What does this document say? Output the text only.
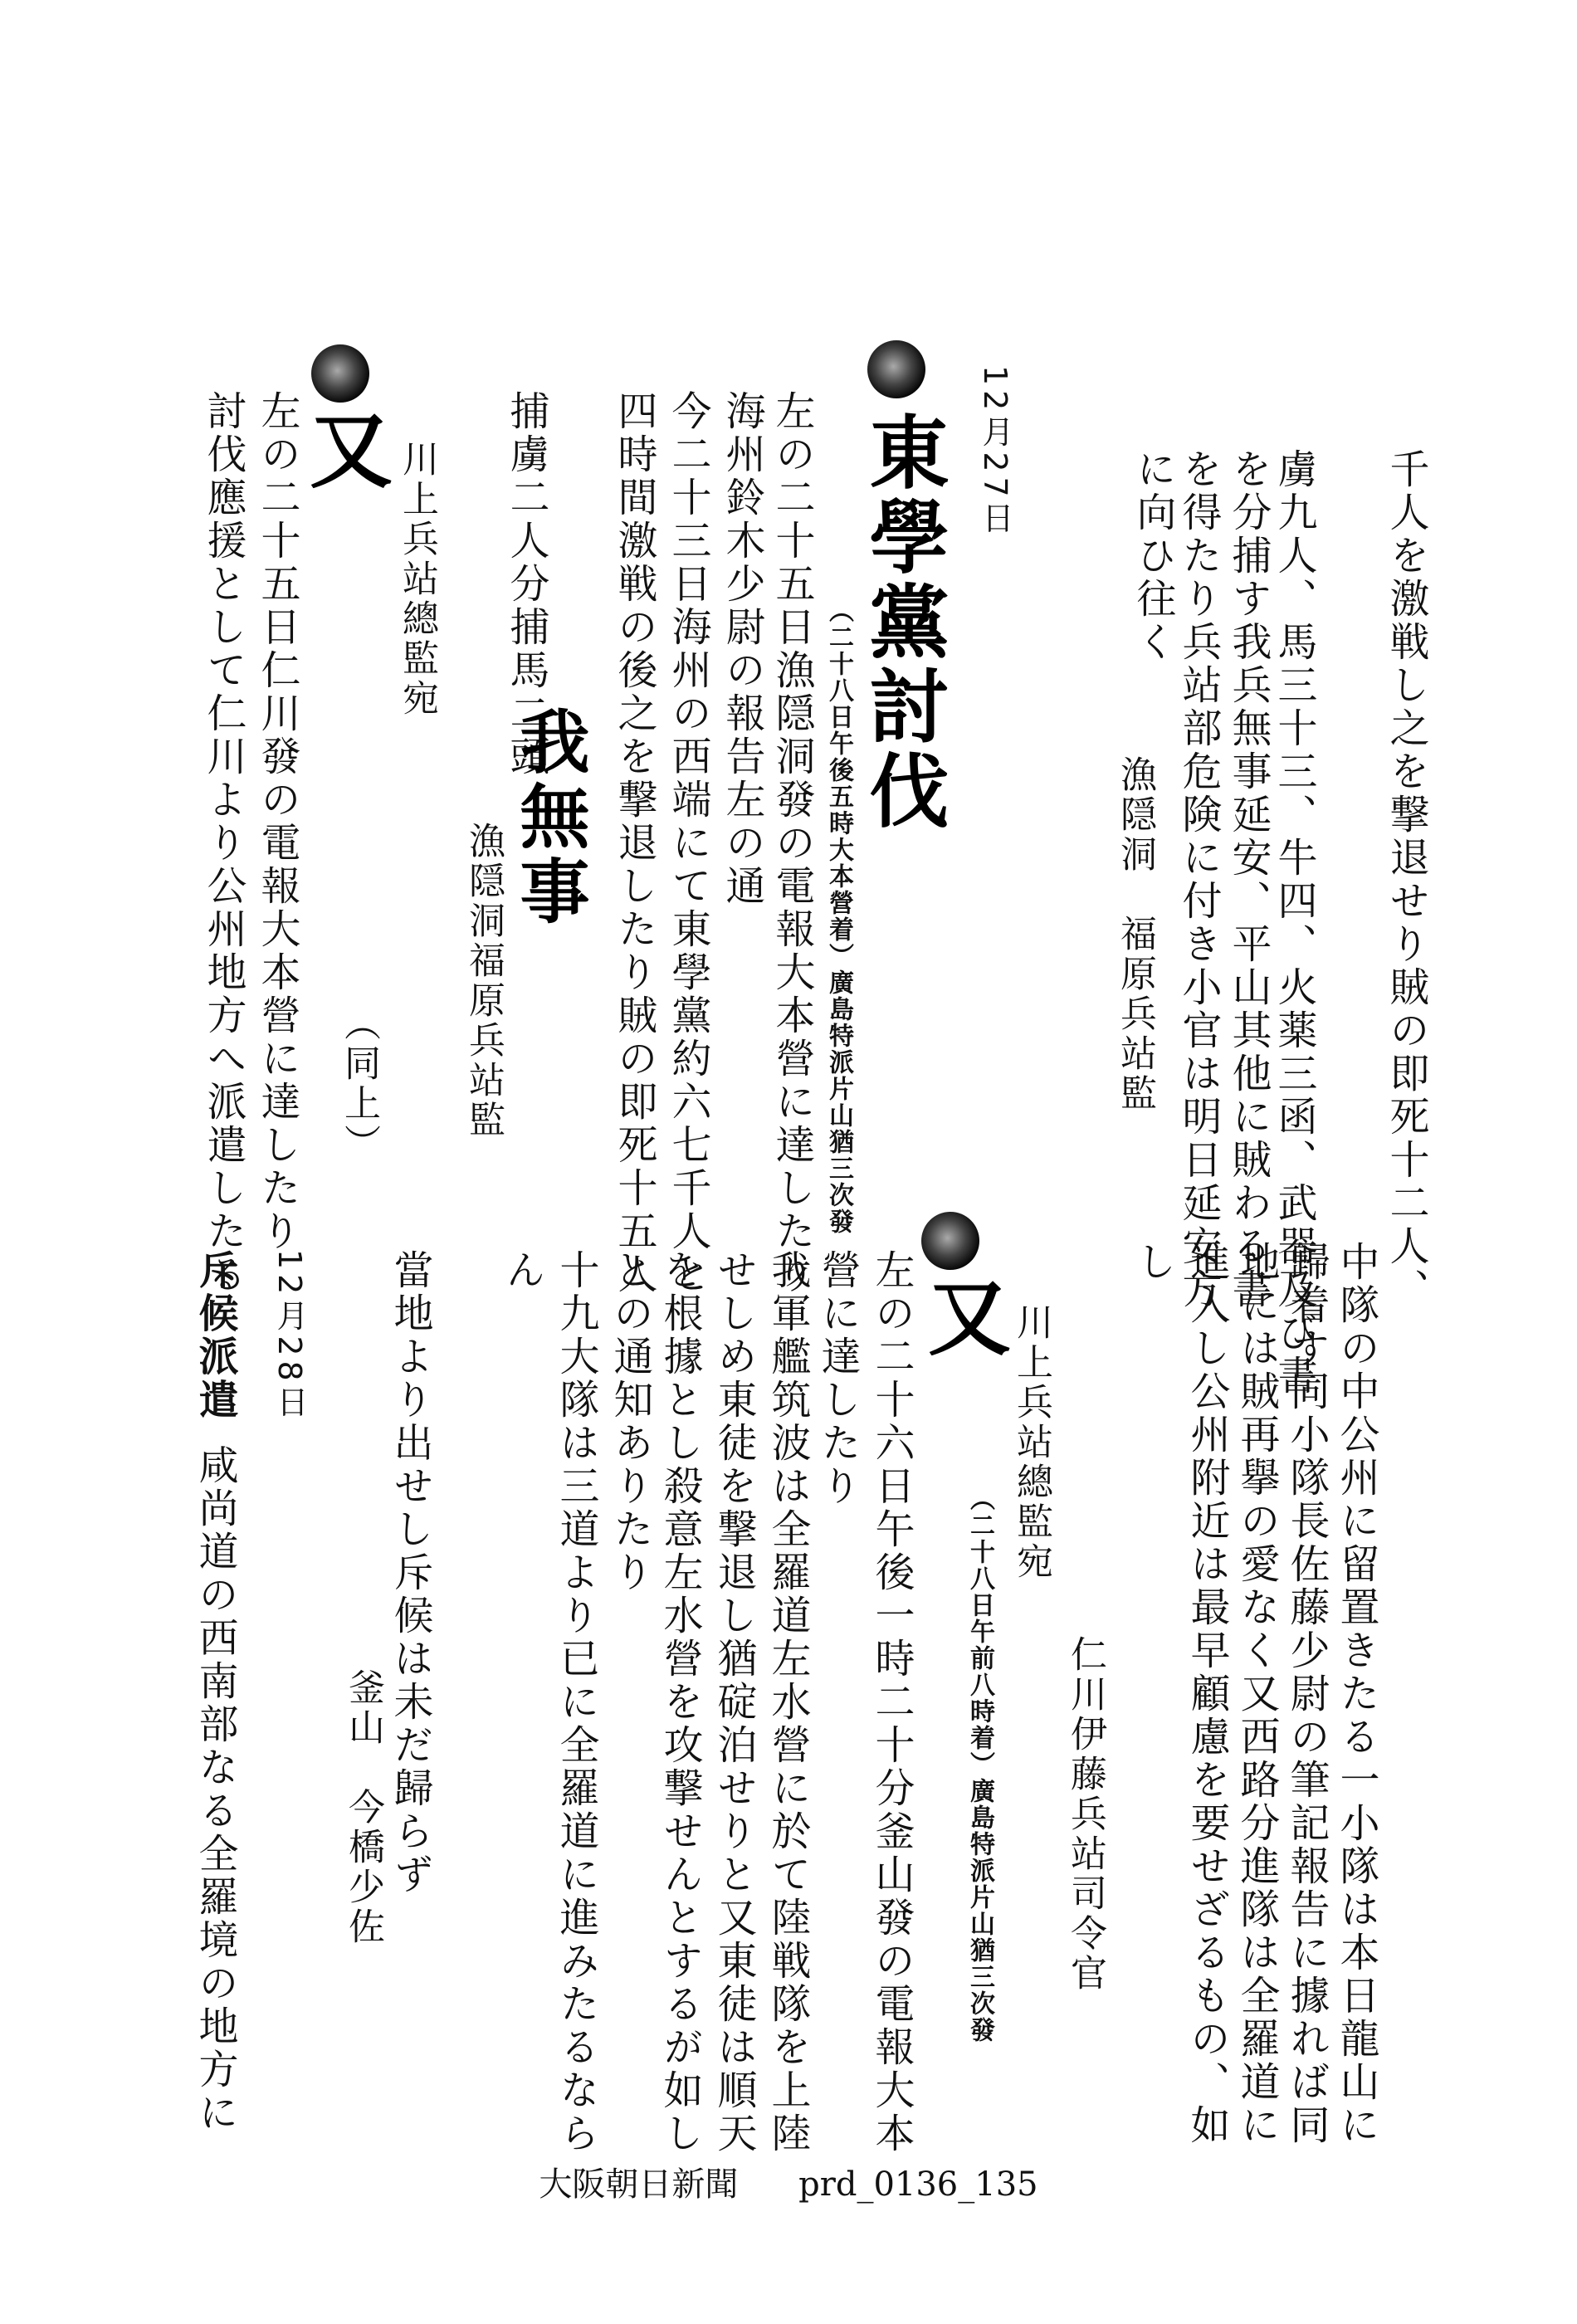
千人を激戦し之を撃退せり賊の即死十二人、
虜九人、馬三十三、牛四、火薬三函、武器及び書
を分捕す我兵無事延安、平山其他に賊わる書
を得たり兵站部危険に付き小官は明日延安方
に向ひ往く
漁隠洞　福原兵站監
12月27日
東學黨討伐
（二十八日午後五時大本營着）廣島特派片山猶三次發
左の二十五日漁隠洞發の電報大本營に達したり
海州鈴木少尉の報告左の通
今二十三日海州の西端にて東學黨約六七千人と
四時間激戦の後之を撃退したり賊の即死十五人
捕虜二人分捕馬二頭
我無事
漁隠洞福原兵站監
川上兵站總監宛
又
（同上）
左の二十五日仁川發の電報大本營に達したり
討伐應援として仁川より公州地方へ派遣したる
中隊の中公州に留置きたる一小隊は本日龍山に
歸着す同小隊長佐藤少尉の筆記報告に據れば同
地には賊再擧の愛なく又西路分進隊は全羅道に
進入し公州附近は最早顧慮を要せざるもの、如
し
仁川伊藤兵站司令官
川上兵站總監宛
又
（二十八日午前八時着）廣島特派片山猶三次發
左の二十六日午後一時二十分釜山發の電報大本
營に達したり
我軍艦筑波は全羅道左水營に於て陸戦隊を上陸
せしめ東徒を撃退し猶碇泊せりと又東徒は順天
を根據とし殺意左水營を攻撃せんとするが如し
との通知ありたり
十九大隊は三道より已に全羅道に進みたるなら
ん
當地より出せし斥候は未だ歸らず
釜山　今橋少佐
12月28日
斥候派遣
咸尚道の西南部なる全羅境の地方に
大阪朝日新聞 prd_0136_135
